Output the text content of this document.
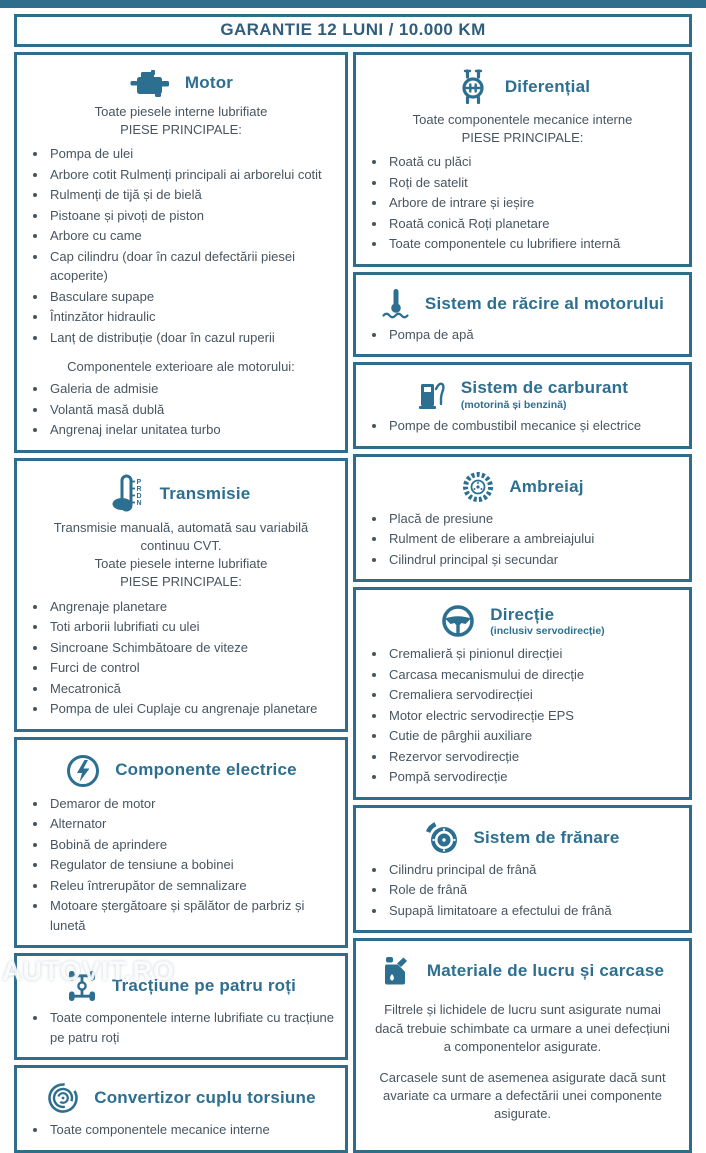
GARANTIE 12 LUNI / 10.000 KM
Motor
Toate piesele interne lubrifiate
PIESE PRINCIPALE:
• Pompa de ulei
• Arbore cotit Rulmenți principali ai arborelui cotit
• Rulmenți de tijă și de bielă
• Pistoane și pivoți de piston
• Arbore cu came
• Cap cilindru (doar în cazul defectării piesei acoperite)
• Basculare supape
• Întinzător hidraulic
• Lanț de distribuție (doar în cazul ruperii
Componentele exterioare ale motorului:
• Galeria de admisie
• Volantă masă dublă
• Angrenaj inelar unitatea turbo
P
R
D
N
Transmisie
Transmisie manuală, automată sau variabilă continuu CVT.
Toate piesele interne lubrifiate
PIESE PRINCIPALE:
• Angrenaje planetare
• Toti arborii lubrifiati cu ulei
• Sincroane Schimbătoare de viteze
• Furci de control
• Mecatronică
• Pompa de ulei Cuplaje cu angrenaje planetare
Componente electrice
• Demaror de motor
• Alternator
• Bobină de aprindere
• Regulator de tensiune a bobinei
• Releu întrerupător de semnalizare
• Motoare ștergătoare și spălător de parbriz și lunetă
Tracțiune pe patru roți
• Toate componentele interne lubrifiate cu tracțiune pe patru roți
Convertizor cuplu torsiune
• Toate componentele mecanice interne
Diferențial
Toate componentele mecanice interne
PIESE PRINCIPALE:
• Roată cu plăci
• Roți de satelit
• Arbore de intrare și ieșire
• Roată conică Roți planetare
• Toate componentele cu lubrifiere internă
Sistem de răcire al motorului
• Pompa de apă
Sistem de carburant
(motorină și benzină)
• Pompe de combustibil mecanice și electrice
Ambreiaj
• Placă de presiune
• Rulment de eliberare a ambreiajului
• Cilindrul principal și secundar
Direcție
(inclusiv servodirecție)
• Cremalieră și pinionul direcției
• Carcasa mecanismului de direcție
• Cremaliera servodirecției
• Motor electric servodirecție EPS
• Cutie de pârghii auxiliare
• Rezervor servodirecție
• Pompă servodirecție
Sistem de frănare
• Cilindru principal de frână
• Role de frână
• Supapă limitatoare a efectului de frână
Materiale de lucru și carcase
Filtrele și lichidele de lucru sunt asigurate numai dacă trebuie schimbate ca urmare a unei defecțiuni a componentelor asigurate.
Carcasele sunt de asemenea asigurate dacă sunt avariate ca urmare a defectării unei componente asigurate.
AUTOVIT.RO
